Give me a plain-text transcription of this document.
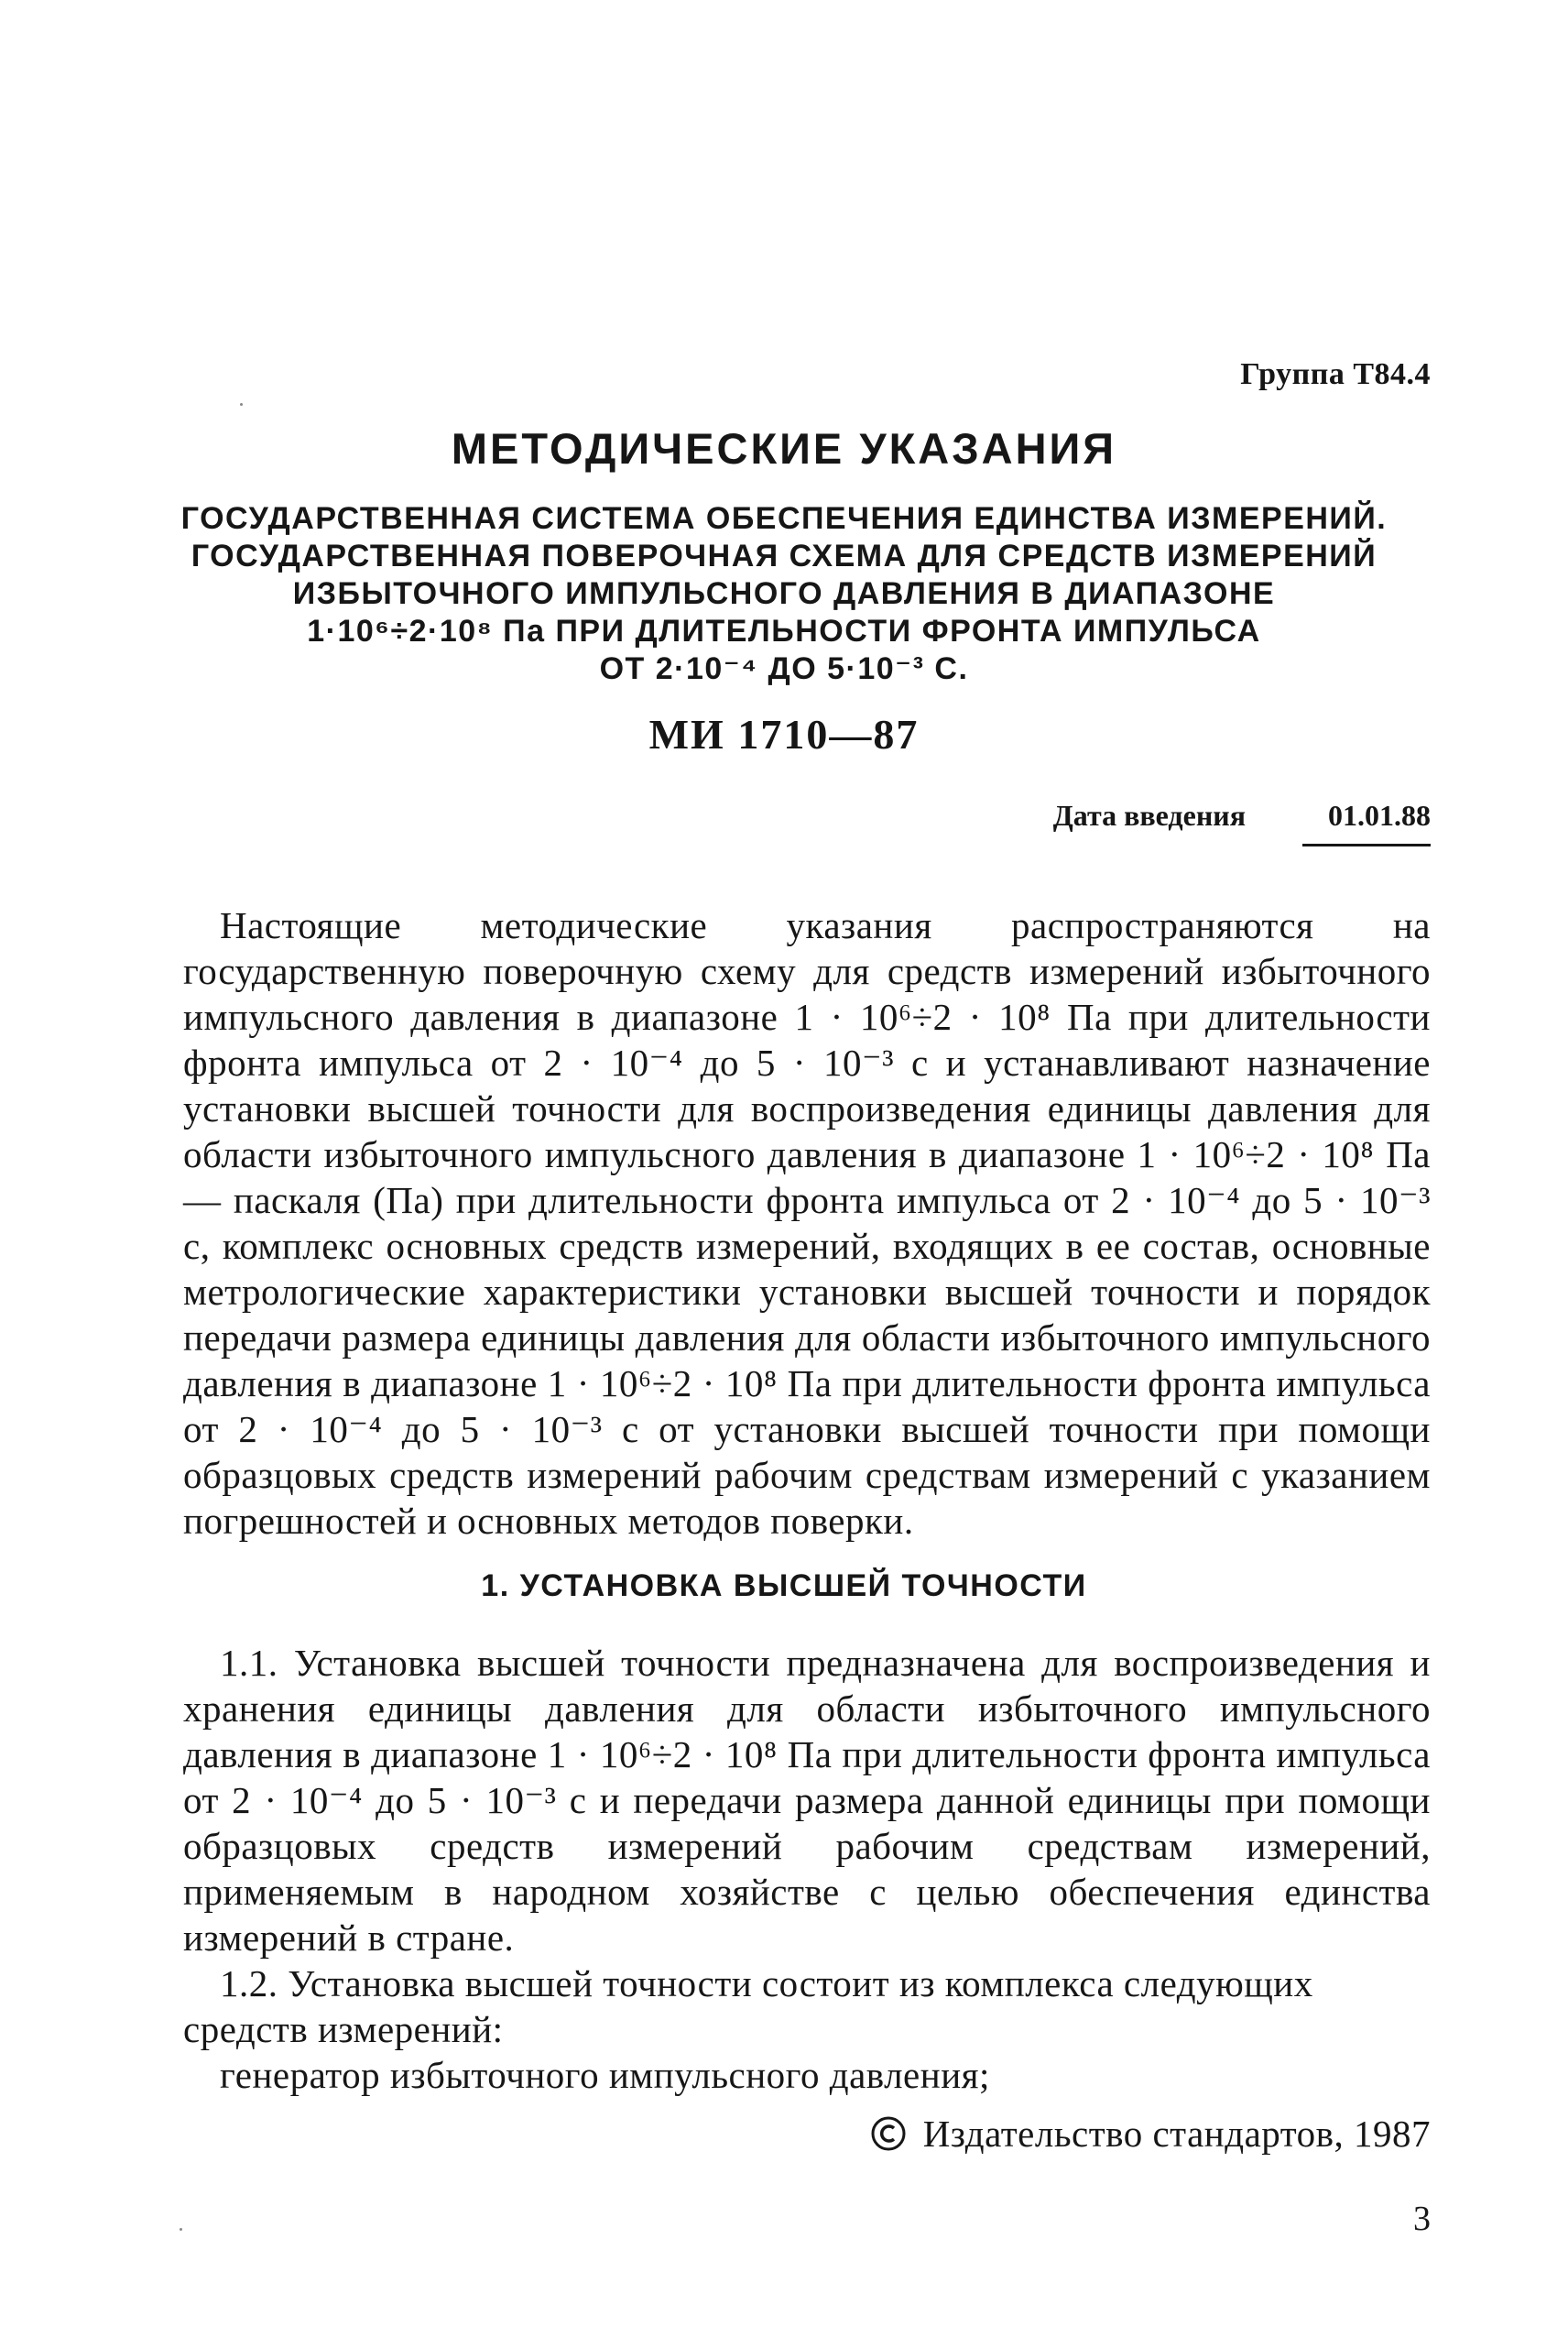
Группа Т84.4
МЕТОДИЧЕСКИЕ УКАЗАНИЯ
ГОСУДАРСТВЕННАЯ СИСТЕМА ОБЕСПЕЧЕНИЯ ЕДИНСТВА ИЗМЕРЕНИЙ.
ГОСУДАРСТВЕННАЯ ПОВЕРОЧНАЯ СХЕМА ДЛЯ СРЕДСТВ ИЗМЕРЕНИЙ
ИЗБЫТОЧНОГО ИМПУЛЬСНОГО ДАВЛЕНИЯ В ДИАПАЗОНЕ
1·10⁶÷2·10⁸ Па ПРИ ДЛИТЕЛЬНОСТИ ФРОНТА ИМПУЛЬСА
ОТ 2·10⁻⁴ ДО 5·10⁻³ С.
МИ 1710—87
Дата введения	01.01.88

Настоящие методические указания распространяются на государственную поверочную схему для средств измерений избыточного импульсного давления в диапазоне 1 · 10⁶÷2 · 10⁸ Па при длительности фронта импульса от 2 · 10⁻⁴ до 5 · 10⁻³ с и устанавливают назначение установки высшей точности для воспроизведения единицы давления для области избыточного импульсного давления в диапазоне 1 · 10⁶÷2 · 10⁸ Па — паскаля (Па) при длительности фронта импульса от 2 · 10⁻⁴ до 5 · 10⁻³ с, комплекс основных средств измерений, входящих в ее состав, основные метрологические характеристики установки высшей точности и порядок передачи размера единицы давления для области избыточного импульсного давления в диапазоне 1 · 10⁶÷2 · 10⁸ Па при длительности фронта импульса от 2 · 10⁻⁴ до 5 · 10⁻³ с от установки высшей точности при помощи образцовых средств измерений рабочим средствам измерений с указанием погрешностей и основных методов поверки.

1. УСТАНОВКА ВЫСШЕЙ ТОЧНОСТИ

1.1. Установка высшей точности предназначена для воспроизведения и хранения единицы давления для области избыточного импульсного давления в диапазоне 1 · 10⁶÷2 · 10⁸ Па при длительности фронта импульса от 2 · 10⁻⁴ до 5 · 10⁻³ с и передачи размера данной единицы при помощи образцовых средств измерений рабочим средствам измерений, применяемым в народном хозяйстве с целью обеспечения единства измерений в стране.

1.2. Установка высшей точности состоит из комплекса следующих средств измерений:

генератор избыточного импульсного давления;

Издательство стандартов, 1987
3
